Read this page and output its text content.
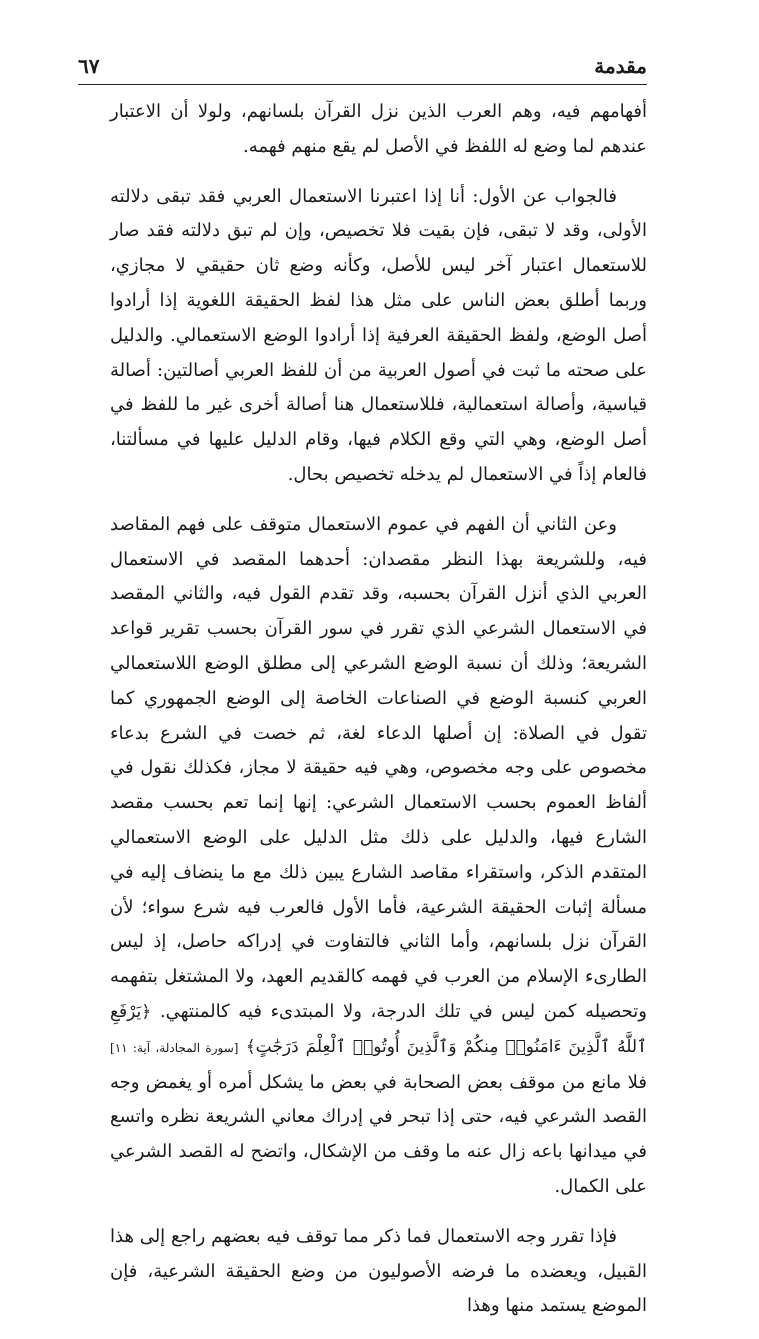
مقدمة
٦٧

أفهامهم فيه، وهم العرب الذين نزل القرآن بلسانهم، ولولا أن الاعتبار عندهم لما وضع له اللفظ في الأصل لم يقع منهم فهمه.

فالجواب عن الأول: أنا إذا اعتبرنا الاستعمال العربي فقد تبقى دلالته الأولى، وقد لا تبقى، فإن بقيت فلا تخصيص، وإن لم تبق دلالته فقد صار للاستعمال اعتبار آخر ليس للأصل، وكأنه وضع ثان حقيقي لا مجازي، وربما أطلق بعض الناس على مثل هذا لفظ الحقيقة اللغوية إذا أرادوا أصل الوضع، ولفظ الحقيقة العرفية إذا أرادوا الوضع الاستعمالي. والدليل على صحته ما ثبت في أصول العربية من أن للفظ العربي أصالتين: أصالة قياسية، وأصالة استعمالية، فللاستعمال هنا أصالة أخرى غير ما للفظ في أصل الوضع، وهي التي وقع الكلام فيها، وقام الدليل عليها في مسألتنا، فالعام إذاً في الاستعمال لم يدخله تخصيص بحال.

وعن الثاني أن الفهم في عموم الاستعمال متوقف على فهم المقاصد فيه، وللشريعة بهذا النظر مقصدان: أحدهما المقصد في الاستعمال العربي الذي أنزل القرآن بحسبه، وقد تقدم القول فيه، والثاني المقصد في الاستعمال الشرعي الذي تقرر في سور القرآن بحسب تقرير قواعد الشريعة؛ وذلك أن نسبة الوضع الشرعي إلى مطلق الوضع اللاستعمالي العربي كنسبة الوضع في الصناعات الخاصة إلى الوضع الجمهوري كما تقول في الصلاة: إن أصلها الدعاء لغة، ثم خصت في الشرع بدعاء مخصوص على وجه مخصوص، وهي فيه حقيقة لا مجاز، فكذلك نقول في ألفاظ العموم بحسب الاستعمال الشرعي: إنها إنما تعم بحسب مقصد الشارع فيها، والدليل على ذلك مثل الدليل على الوضع الاستعمالي المتقدم الذكر، واستقراء مقاصد الشارع يبين ذلك مع ما ينضاف إليه في مسألة إثبات الحقيقة الشرعية، فأما الأول فالعرب فيه شرع سواء؛ لأن القرآن نزل بلسانهم، وأما الثاني فالتفاوت في إدراكه حاصل، إذ ليس الطارىء الإسلام من العرب في فهمه كالقديم العهد، ولا المشتغل بتفهمه وتحصيله كمن ليس في تلك الدرجة، ولا المبتدىء فيه كالمنتهي. ﴿يَرْفَعِ ٱللَّهُ ٱلَّذِينَ ءَامَنُوا۟ مِنكُمْ وَٱلَّذِينَ أُوتُوا۟ ٱلْعِلْمَ دَرَجَٰتٍ﴾ [سورة المجادلة، آية: ١١] فلا مانع من موقف بعض الصحابة في بعض ما يشكل أمره أو يغمض وجه القصد الشرعي فيه، حتى إذا تبحر في إدراك معاني الشريعة نظره واتسع في ميدانها باعه زال عنه ما وقف من الإشكال، واتضح له القصد الشرعي على الكمال.

فإذا تقرر وجه الاستعمال فما ذكر مما توقف فيه بعضهم راجع إلى هذا القبيل، ويعضده ما فرضه الأصوليون من وضع الحقيقة الشرعية، فإن الموضع يستمد منها وهذا
